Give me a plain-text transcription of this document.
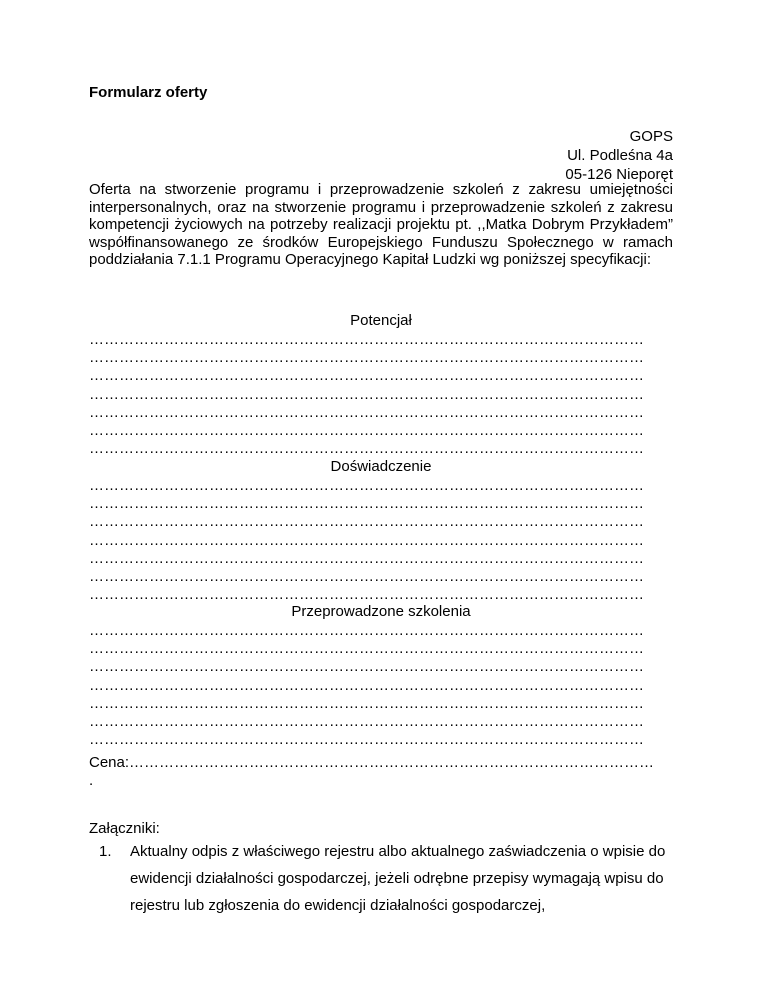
Formularz oferty
GOPS
Ul. Podleśna 4a
05-126 Nieporęt
Oferta na stworzenie programu i przeprowadzenie szkoleń z zakresu umiejętności interpersonalnych, oraz na stworzenie programu i przeprowadzenie szkoleń z zakresu kompetencji życiowych na potrzeby realizacji projektu pt. ,,Matka Dobrym Przykładem” współfinansowanego ze środków Europejskiego Funduszu Społecznego w ramach poddziałania 7.1.1 Programu Operacyjnego Kapitał Ludzki wg poniższej specyfikacji:
Potencjał
…………………………………………………………………………………………………
…………………………………………………………………………………………………
…………………………………………………………………………………………………
…………………………………………………………………………………………………
…………………………………………………………………………………………………
…………………………………………………………………………………………………
…………………………………………………………………………………………………
Doświadczenie
…………………………………………………………………………………………………
…………………………………………………………………………………………………
…………………………………………………………………………………………………
…………………………………………………………………………………………………
…………………………………………………………………………………………………
…………………………………………………………………………………………………
…………………………………………………………………………………………………
Przeprowadzone szkolenia
…………………………………………………………………………………………………
…………………………………………………………………………………………………
…………………………………………………………………………………………………
…………………………………………………………………………………………………
…………………………………………………………………………………………………
…………………………………………………………………………………………………
…………………………………………………………………………………………………
Cena:……………………………………………………………………………………………
.
Załączniki:
1. Aktualny odpis z właściwego rejestru albo aktualnego zaświadczenia o wpisie do ewidencji działalności gospodarczej, jeżeli odrębne przepisy wymagają wpisu do rejestru lub zgłoszenia do ewidencji działalności gospodarczej,
